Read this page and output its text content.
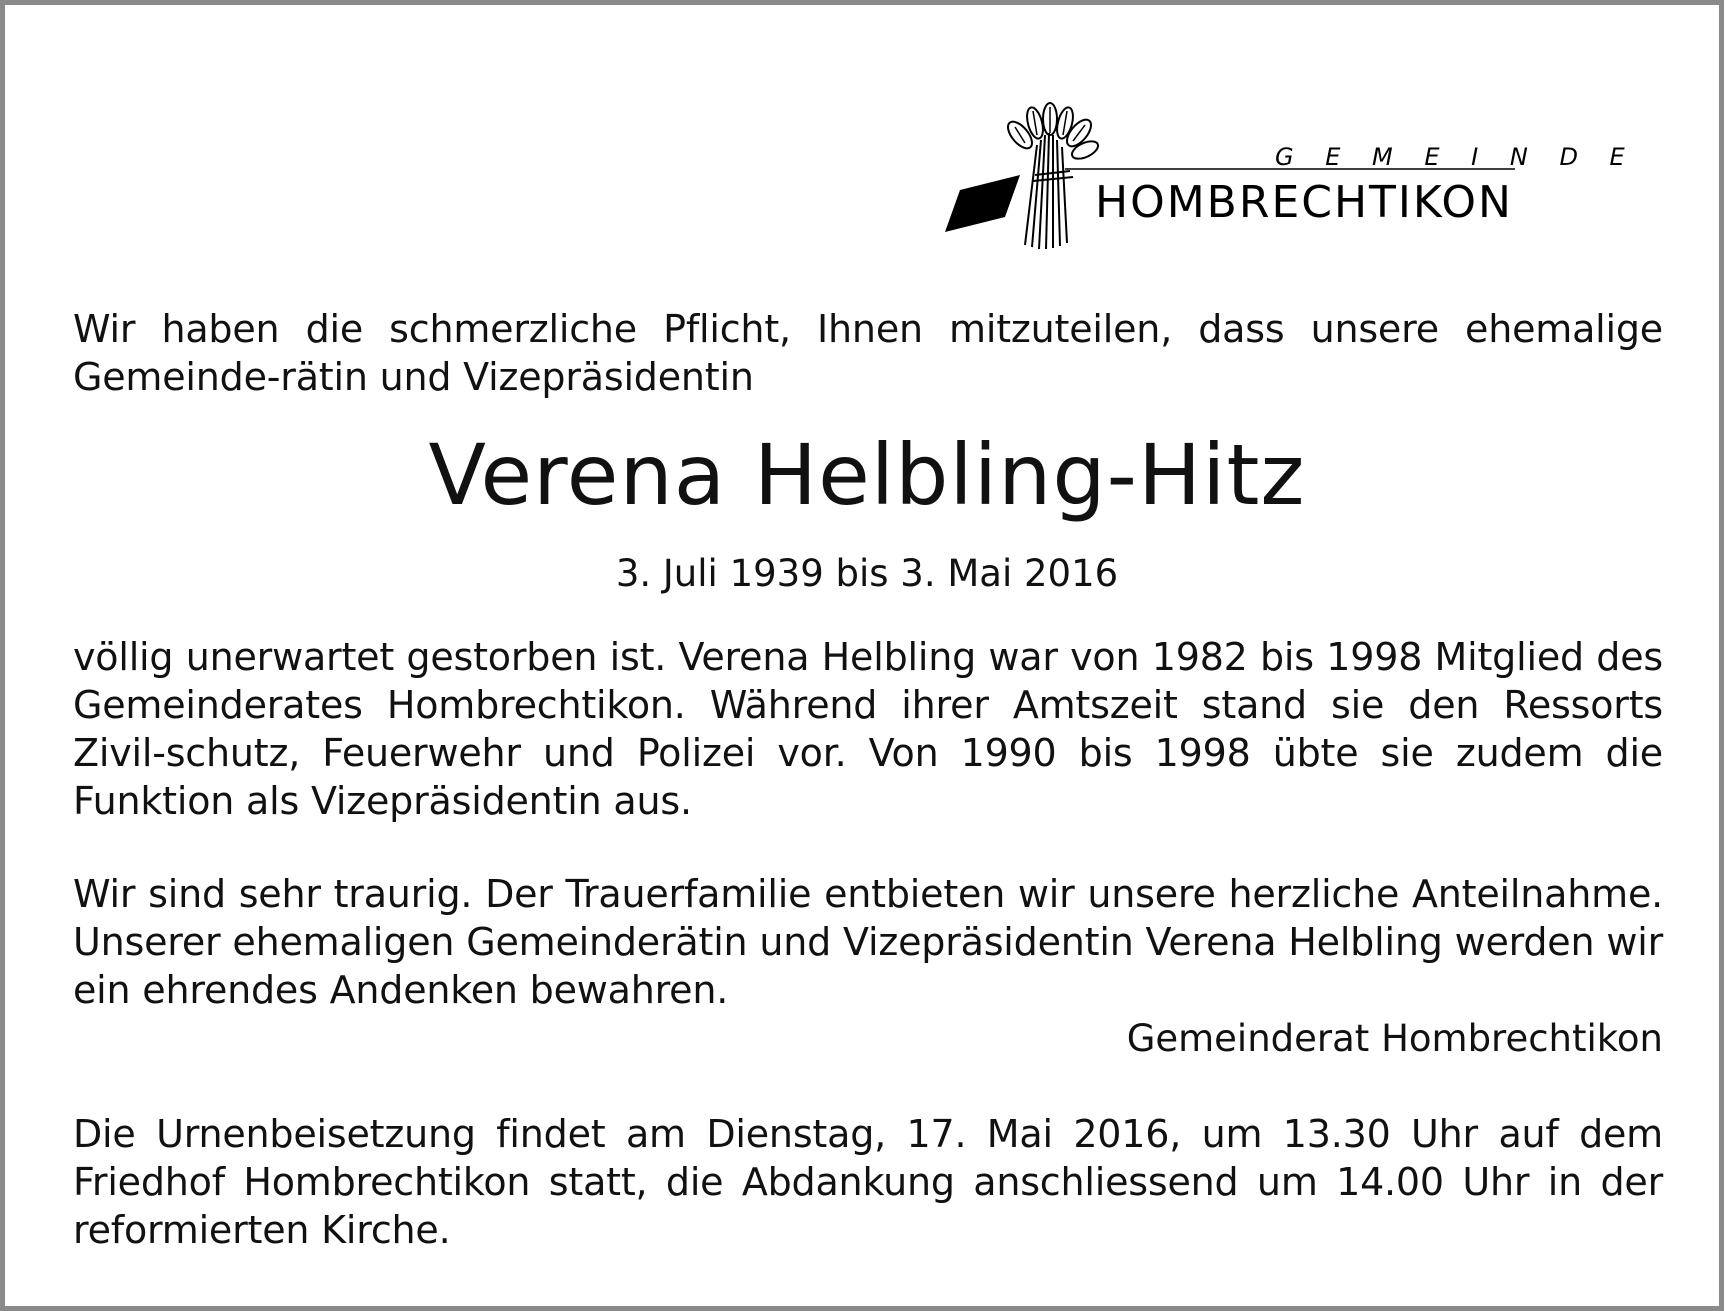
G E M E I N D E
HOMBRECHTIKON
Wir haben die schmerzliche Pflicht, Ihnen mitzuteilen, dass unsere ehemalige Gemeinde-rätin und Vizepräsidentin
Verena Helbling-Hitz
3. Juli 1939 bis 3. Mai 2016
völlig unerwartet gestorben ist. Verena Helbling war von 1982 bis 1998 Mitglied des Gemeinderates Hombrechtikon. Während ihrer Amtszeit stand sie den Ressorts Zivil-schutz, Feuerwehr und Polizei vor. Von 1990 bis 1998 übte sie zudem die Funktion als Vizepräsidentin aus.
Wir sind sehr traurig. Der Trauerfamilie entbieten wir unsere herzliche Anteilnahme. Unserer ehemaligen Gemeinderätin und Vizepräsidentin Verena Helbling werden wir ein ehrendes Andenken bewahren.
Gemeinderat Hombrechtikon
Die Urnenbeisetzung findet am Dienstag, 17. Mai 2016, um 13.30 Uhr auf dem Friedhof Hombrechtikon statt, die Abdankung anschliessend um 14.00 Uhr in der reformierten Kirche.
